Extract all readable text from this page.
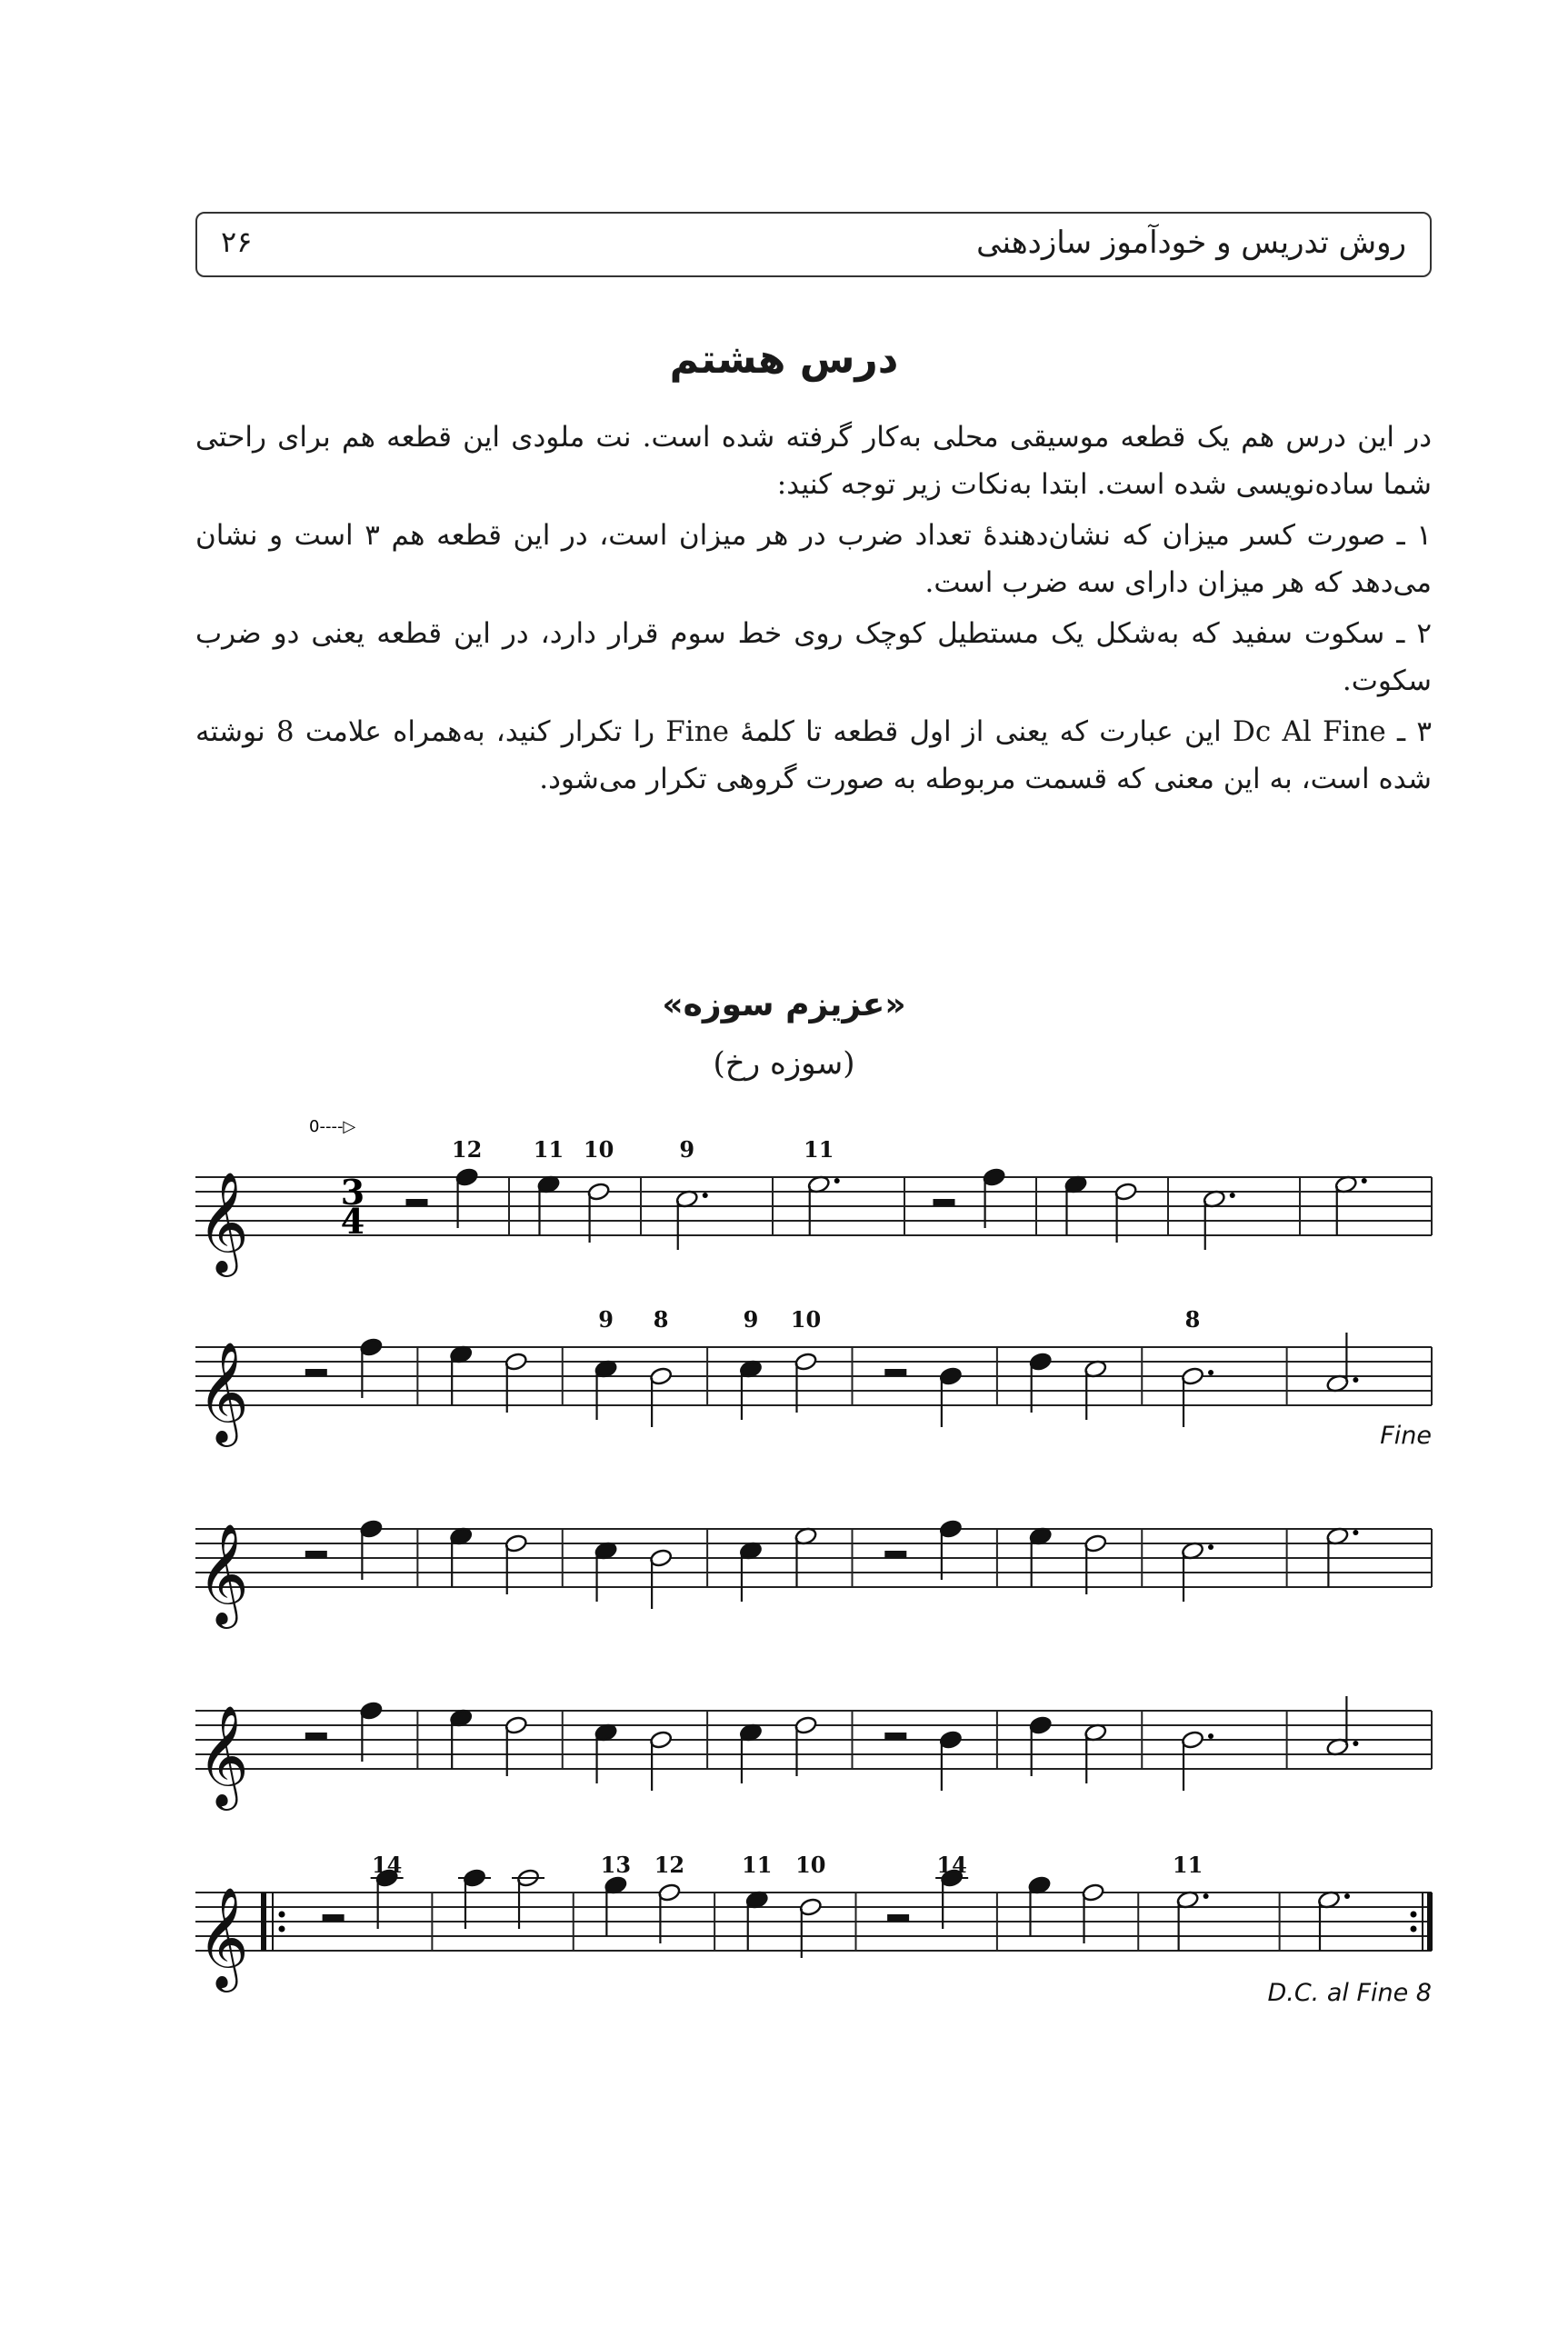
۲۶	روش تدریس و خودآموز سازدهنی
درس هشتم

در این درس هم یک قطعه موسیقی محلی به‌کار گرفته شده است. نت ملودی این قطعه هم برای راحتی شما ساده‌نویسی شده است. ابتدا به‌نکات زیر توجه کنید:

۱ ـ صورت کسر میزان که نشان‌دهندهٔ تعداد ضرب در هر میزان است، در این قطعه هم ۳ است و نشان می‌دهد که هر میزان دارای سه ضرب است.

۲ ـ سکوت سفید که به‌شکل یک مستطیل کوچک روی خط سوم قرار دارد، در این قطعه یعنی دو ضرب سکوت.

۳ ـ Dc Al Fine این عبارت که یعنی از اول قطعه تا کلمهٔ Fine را تکرار کنید، به‌همراه علامت 8 نوشته شده است، به این معنی که قسمت مربوطه به صورت گروهی تکرار می‌شود.

«عزیزم سوزه»
(سوزه رخ)
𝄞	3
4
0----▷
12 11 10	9	11
𝄞
9 8	9 10	8
Fine
𝄞
𝄞
𝄞
14	13 12	11 10	14	11
D.C. al Fine 8
